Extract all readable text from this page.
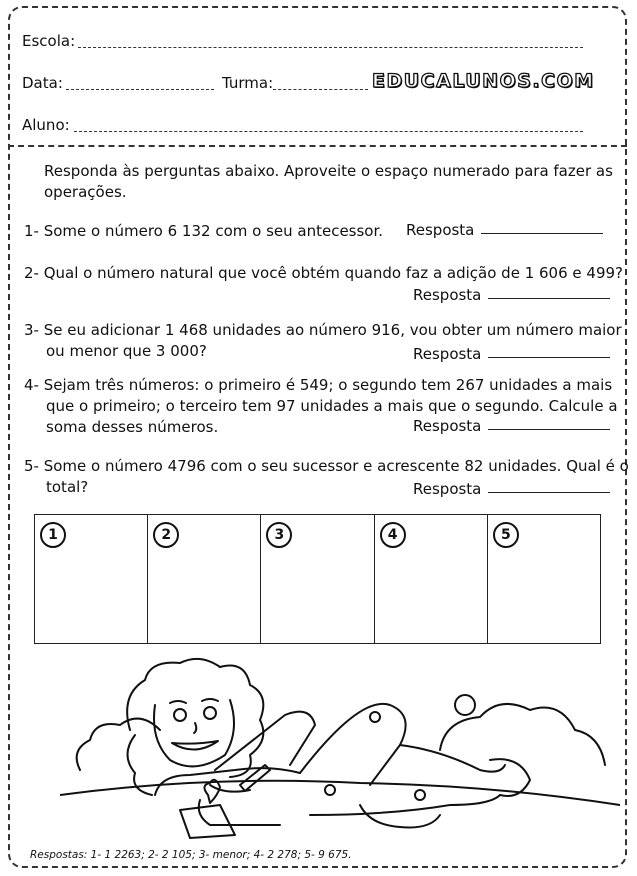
Escola:
Data:	Turma:	EDUCALUNOS.COM
Aluno:
Responda às perguntas abaixo. Aproveite o espaço numerado para fazer as operações.
1- Some o número 6 132 com o seu antecessor. Resposta
2- Qual o número natural que você obtém quando faz a adição de 1 606 e 499?
Resposta
3- Se eu adicionar 1 468 unidades ao número 916, vou obter um número maior
ou menor que 3 000?	Resposta
4- Sejam três números: o primeiro é 549; o segundo tem 267 unidades a mais
que o primeiro; o terceiro tem 97 unidades a mais que o segundo. Calcule a
soma desses números.	Resposta
5- Some o número 4796 com o seu sucessor e acrescente 82 unidades. Qual é o
total?	Resposta
1	2	3	4	5
Respostas: 1- 1 2263; 2- 2 105; 3- menor; 4- 2 278; 5- 9 675.
